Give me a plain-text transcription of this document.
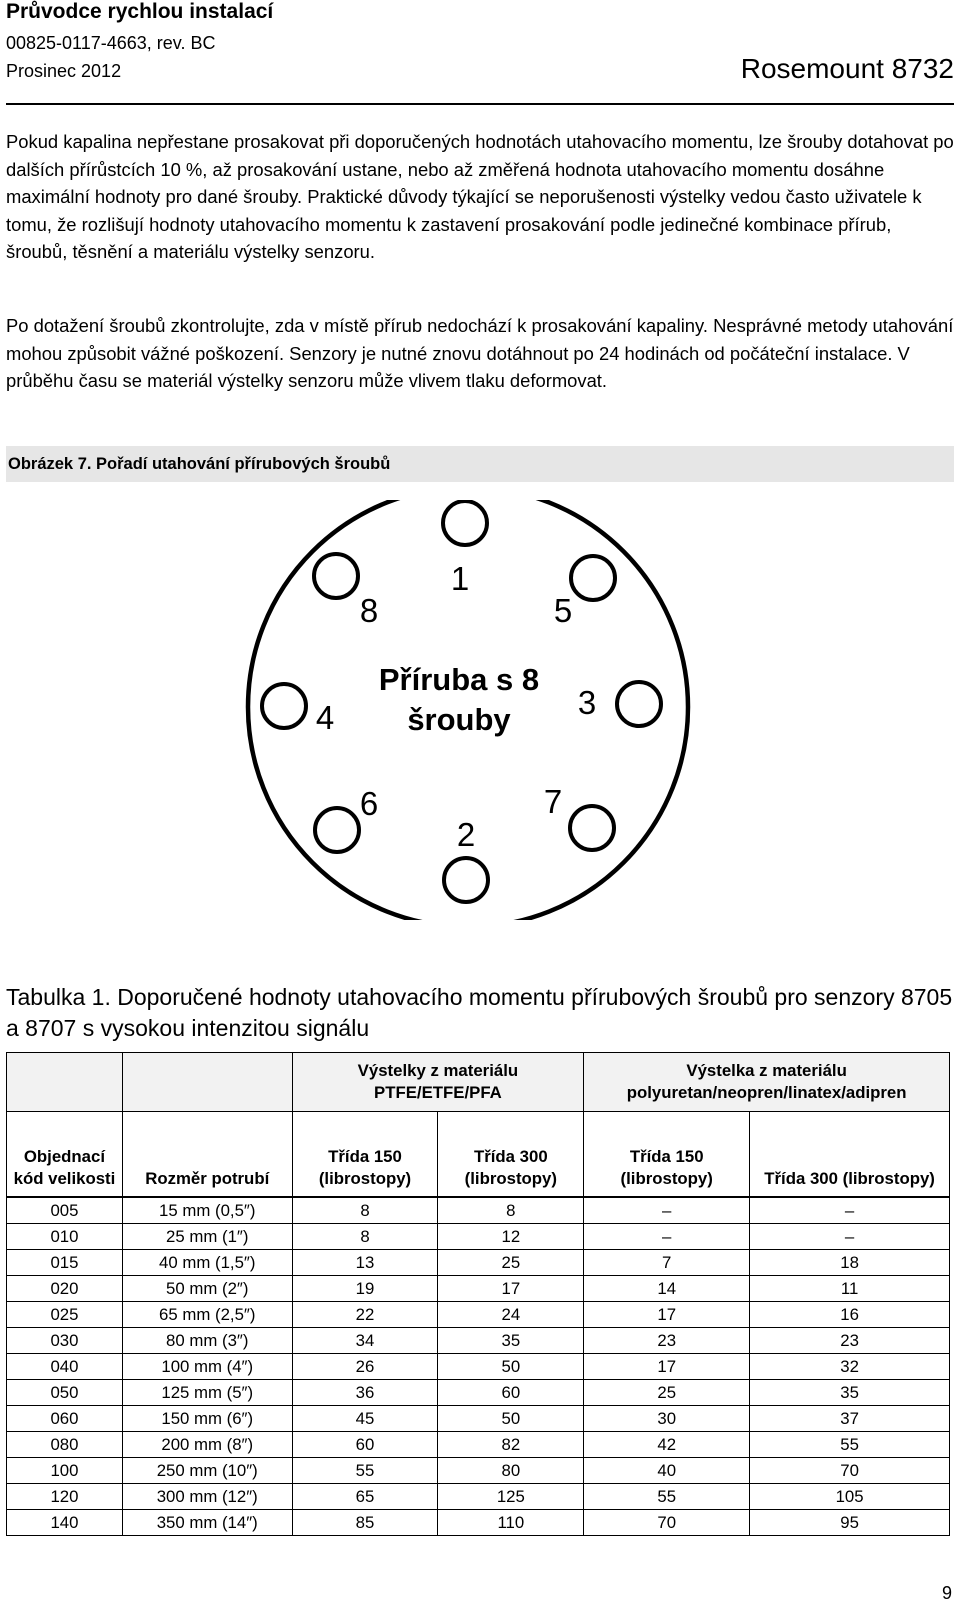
Průvodce rychlou instalací
00825-0117-4663, rev. BC
Prosinec 2012	Rosemount 8732

Pokud kapalina nepřestane prosakovat při doporučených hodnotách utahovacího momentu, lze šrouby dotahovat po dalších přírůstcích 10 %, až prosakování ustane, nebo až změřená hodnota utahovacího momentu dosáhne maximální hodnoty pro dané šrouby. Praktické důvody týkající se neporušenosti výstelky vedou často uživatele k tomu, že rozlišují hodnoty utahovacího momentu k zastavení prosakování podle jedinečné kombinace přírub, šroubů, těsnění a materiálu výstelky senzoru.

Po dotažení šroubů zkontrolujte, zda v místě přírub nedochází k prosakování kapaliny. Nesprávné metody utahování mohou způsobit vážné poškození. Senzory je nutné znovu dotáhnout po 24 hodinách od počáteční instalace. V průběhu času se materiál výstelky senzoru může vlivem tlaku deformovat.

Obrázek 7. Pořadí utahování přírubových šroubů
1
5
3
7
2
6
4
8
Příruba s 8
šrouby

Tabulka 1. Doporučené hodnoty utahovacího momentu přírubových šroubů pro senzory 8705 a 8707 s vysokou intenzitou signálu

		Výstelky z materiálu PTFE/ETFE/PFA		Výstelka z materiálu polyuretan/neopren/linatex/adipren	
Objednací kód velikosti	Rozměr potrubí	Třída 150 (librostopy)	Třída 300 (librostopy)	Třída 150 (librostopy)	Třída 300 (librostopy)
005	15 mm (0,5″)	8	8	–	–
010	25 mm (1″)	8	12	–	–
015	40 mm (1,5″)	13	25	7	18
020	50 mm (2″)	19	17	14	11
025	65 mm (2,5″)	22	24	17	16
030	80 mm (3″)	34	35	23	23
040	100 mm (4″)	26	50	17	32
050	125 mm (5″)	36	60	25	35
060	150 mm (6″)	45	50	30	37
080	200 mm (8″)	60	82	42	55
100	250 mm (10″)	55	80	40	70
120	300 mm (12″)	65	125	55	105
140	350 mm (14″)	85	110	70	95
9
